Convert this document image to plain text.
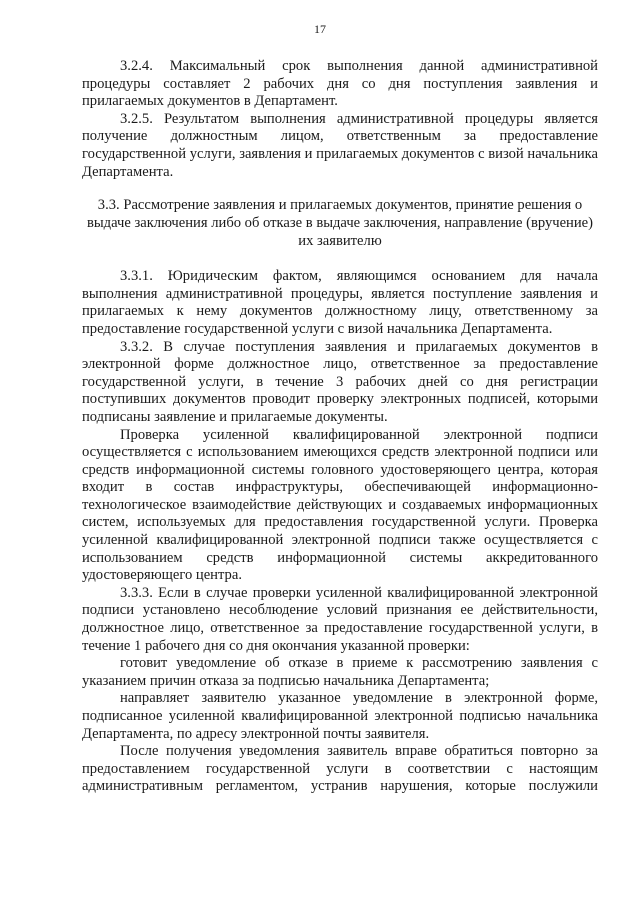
17

3.2.4. Максимальный срок выполнения данной административной процедуры составляет 2 рабочих дня со дня поступления заявления и прилагаемых документов в Департамент.

3.2.5. Результатом выполнения административной процедуры является получение должностным лицом, ответственным за предоставление государственной услуги, заявления и прилагаемых документов с визой начальника Департамента.

3.3. Рассмотрение заявления и прилагаемых документов, принятие решения о выдаче заключения либо об отказе в выдаче заключения, направление (вручение) их заявителю

3.3.1. Юридическим фактом, являющимся основанием для начала выполнения административной процедуры, является поступление заявления и прилагаемых к нему документов должностному лицу, ответственному за предоставление государственной услуги с визой начальника Департамента.

3.3.2. В случае поступления заявления и прилагаемых документов в электронной форме должностное лицо, ответственное за предоставление государственной услуги, в течение 3 рабочих дней со дня регистрации поступивших документов проводит проверку электронных подписей, которыми подписаны заявление и прилагаемые документы.

Проверка усиленной квалифицированной электронной подписи осуществляется с использованием имеющихся средств электронной подписи или средств информационной системы головного удостоверяющего центра, которая входит в состав инфраструктуры, обеспечивающей информационно-технологическое взаимодействие действующих и создаваемых информационных систем, используемых для предоставления государственной услуги. Проверка усиленной квалифицированной электронной подписи также осуществляется с использованием средств информационной системы аккредитованного удостоверяющего центра.

3.3.3. Если в случае проверки усиленной квалифицированной электронной подписи установлено несоблюдение условий признания ее действительности, должностное лицо, ответственное за предоставление государственной услуги, в течение 1 рабочего дня со дня окончания указанной проверки:

готовит уведомление об отказе в приеме к рассмотрению заявления с указанием причин отказа за подписью начальника Департамента;

направляет заявителю указанное уведомление в электронной форме, подписанное усиленной квалифицированной электронной подписью начальника Департамента, по адресу электронной почты заявителя.

После получения уведомления заявитель вправе обратиться повторно за предоставлением государственной услуги в соответствии с настоящим административным регламентом, устранив нарушения, которые послужили
